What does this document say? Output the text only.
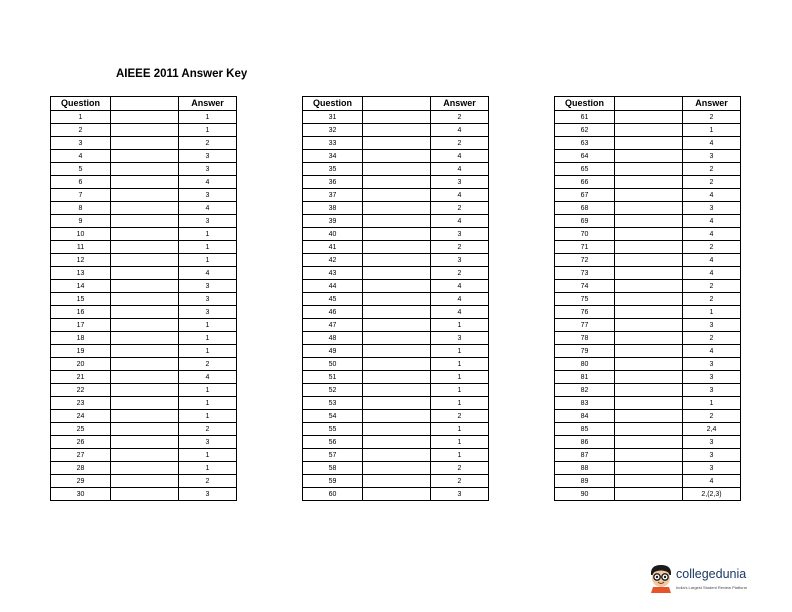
AIEEE 2011 Answer Key
Question		Answer
1		1
2		1
3		2
4		3
5		3
6		4
7		3
8		4
9		3
10		1
11		1
12		1
13		4
14		3
15		3
16		3
17		1
18		1
19		1
20		2
21		4
22		1
23		1
24		1
25		2
26		3
27		1
28		1
29		2
30		3
Question		Answer
31		2
32		4
33		2
34		4
35		4
36		3
37		4
38		2
39		4
40		3
41		2
42		3
43		2
44		4
45		4
46		4
47		1
48		3
49		1
50		1
51		1
52		1
53		1
54		2
55		1
56		1
57		1
58		2
59		2
60		3
Question		Answer
61		2
62		1
63		4
64		3
65		2
66		2
67		4
68		3
69		4
70		4
71		2
72		4
73		4
74		2
75		2
76		1
77		3
78		2
79		4
80		3
81		3
82		3
83		1
84		2
85		2,4
86		3
87		3
88		3
89		4
90		2,(2,3)
collegedunia
India's Largest Student Review Platform
